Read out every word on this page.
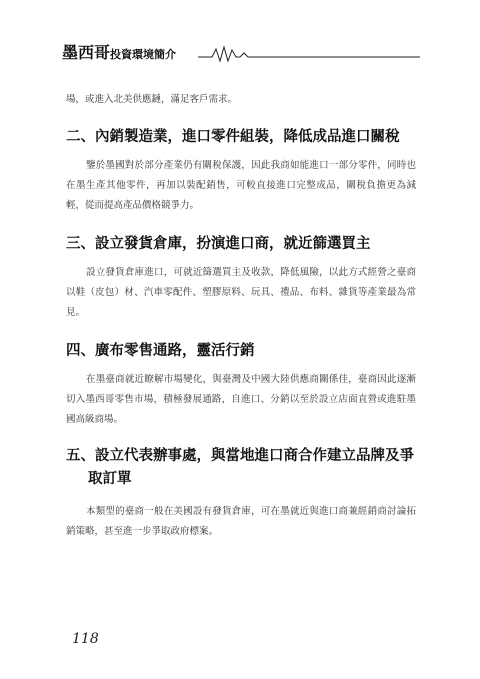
墨西哥投資環境簡介

場，或進入北美供應鏈，滿足客戶需求。

二、內銷製造業，進口零件組裝，降低成品進口關稅

鑒於墨國對於部分產業仍有關稅保護，因此我商如能進口一部分零件，同時也在墨生產其他零件，再加以裝配銷售，可較直接進口完整成品，關稅負擔更為減輕，從而提高產品價格競爭力。

三、設立發貨倉庫，扮演進口商，就近篩選買主

設立發貨倉庫進口，可就近篩選買主及收款，降低風險，以此方式經營之臺商以鞋（皮包）材、汽車零配件、塑膠原料、玩具、禮品、布料、雜貨等產業最為常見。

四、廣布零售通路，靈活行銷

在墨臺商就近瞭解市場變化，與臺灣及中國大陸供應商關係佳，臺商因此逐漸切入墨西哥零售市場，積極發展通路，自進口、分銷以至於設立店面直營或進駐墨國高級商場。

五、設立代表辦事處，與當地進口商合作建立品牌及爭取訂單

本類型的臺商一般在美國設有發貨倉庫，可在墨就近與進口商兼經銷商討論拓銷策略，甚至進一步爭取政府標案。

118
